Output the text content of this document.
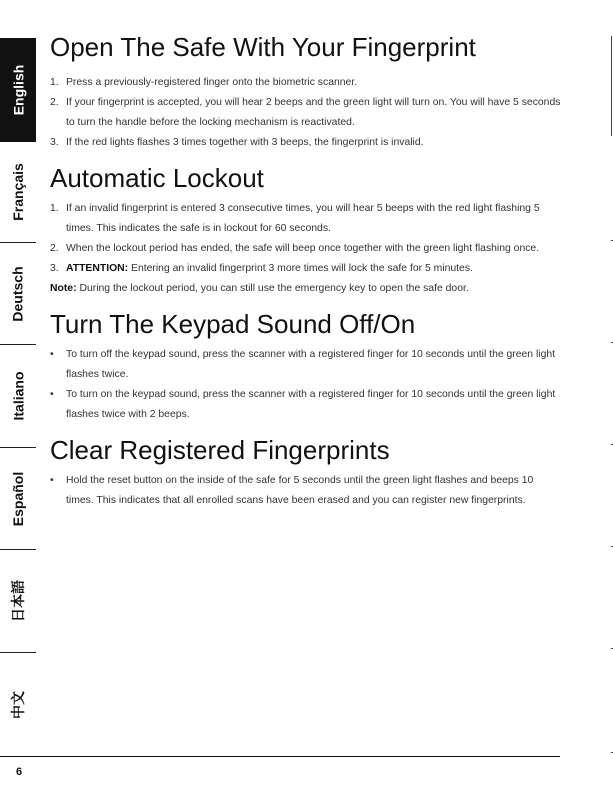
English
Français
Deutsch
Italiano
Español
日本語
中文
Open The Safe With Your Fingerprint
1. Press a previously-registered finger onto the biometric scanner.
2. If your fingerprint is accepted, you will hear 2 beeps and the green light will turn on. You will have 5 seconds to turn the handle before the locking mechanism is reactivated.
3. If the red lights flashes 3 times together with 3 beeps, the fingerprint is invalid.
Automatic Lockout
1. If an invalid fingerprint is entered 3 consecutive times, you will hear 5 beeps with the red light flashing 5 times. This indicates the safe is in lockout for 60 seconds.
2. When the lockout period has ended, the safe will beep once together with the green light flashing once.
3. ATTENTION: Entering an invalid fingerprint 3 more times will lock the safe for 5 minutes.

Note: During the lockout period, you can still use the emergency key to open the safe door.

Turn The Keypad Sound Off/On
• To turn off the keypad sound, press the scanner with a registered finger for 10 seconds until the green light flashes twice.
• To turn on the keypad sound, press the scanner with a registered finger for 10 seconds until the green light flashes twice with 2 beeps.
Clear Registered Fingerprints
• Hold the reset button on the inside of the safe for 5 seconds until the green light flashes and beeps 10 times. This indicates that all enrolled scans have been erased and you can register new fingerprints.
6
